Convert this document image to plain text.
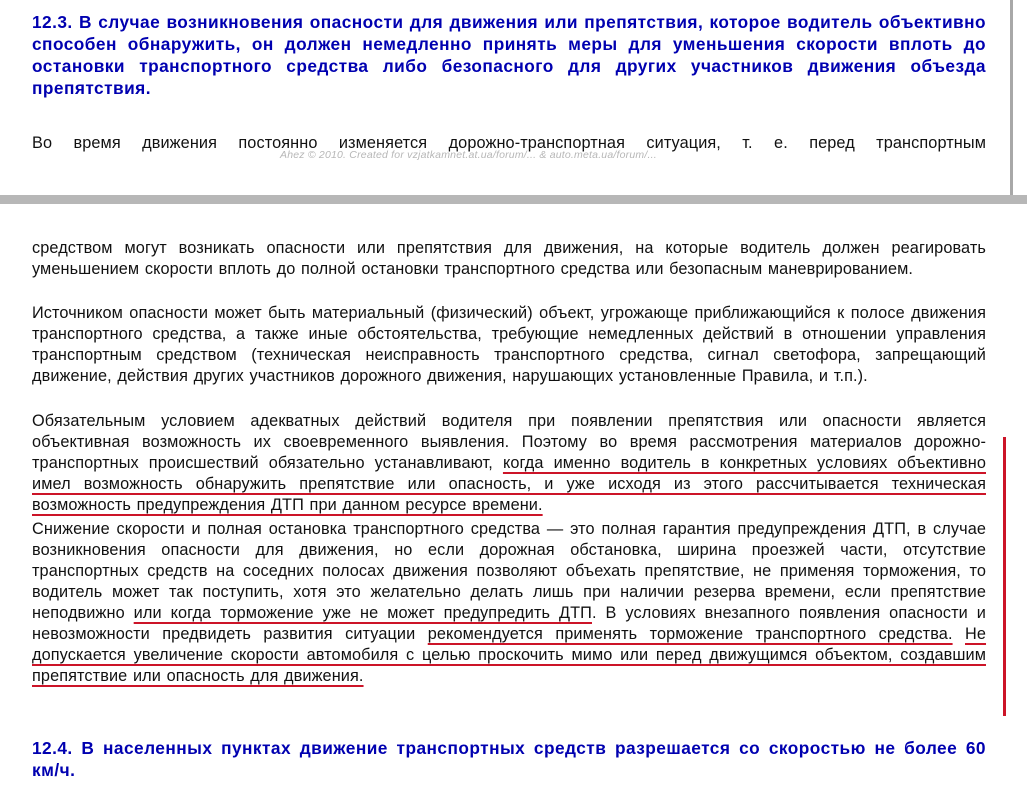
12.3. В случае возникновения опасности для движения или препятствия, которое водитель объективно способен обнаружить, он должен немедленно принять меры для уменьшения скорости вплоть до остановки транспортного средства либо безопасного для других участников движения объезда препятствия.

Во время движения постоянно изменяется дорожно-транспортная ситуация, т. е. перед транспортным

Ahez © 2010. Created for vzjatkamnet.at.ua/forum/... & auto.meta.ua/forum/...

средством могут возникать опасности или препятствия для движения, на которые водитель должен реагировать уменьшением скорости вплоть до полной остановки транспортного средства или безопасным маневрированием.

Источником опасности может быть материальный (физический) объект, угрожающе приближающийся к полосе движения транспортного средства, а также иные обстоятельства, требующие немедленных действий в отношении управления транспортным средством (техническая неисправность транспортного средства, сигнал светофора, запрещающий движение, действия других участников дорожного движения, нарушающих установленные Правила, и т.п.).

Обязательным условием адекватных действий водителя при появлении препятствия или опасности является объективная возможность их своевременного выявления. Поэтому во время рассмотрения материалов дорожно-транспортных происшествий обязательно устанавливают, когда именно водитель в конкретных условиях объективно имел возможность обнаружить препятствие или опасность, и уже исходя из этого рассчитывается техническая возможность предупреждения ДТП при данном ресурсе времени.

Снижение скорости и полная остановка транспортного средства — это полная гарантия предупреждения ДТП, в случае возникновения опасности для движения, но если дорожная обстановка, ширина проезжей части, отсутствие транспортных средств на соседних полосах движения позволяют объехать препятствие, не применяя торможения, то водитель может так поступить, хотя это желательно делать лишь при наличии резерва времени, если препятствие неподвижно или когда торможение уже не может предупредить ДТП. В условиях внезапного появления опасности и невозможности предвидеть развития ситуации рекомендуется применять торможение транспортного средства. Не допускается увеличение скорости автомобиля с целью проскочить мимо или перед движущимся объектом, создавшим препятствие или опасность для движения.

12.4. В населенных пунктах движение транспортных средств разрешается со скоростью не более 60 км/ч.
